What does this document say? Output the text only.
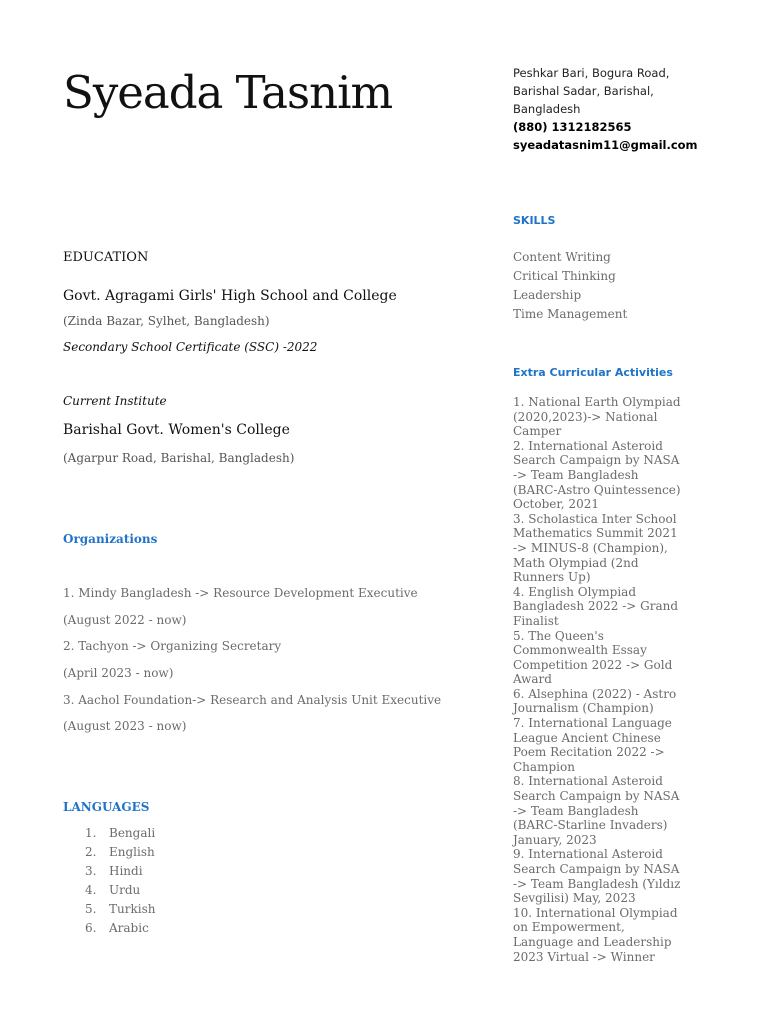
Syeada Tasnim	Peshkar Bari, Bogura Road,
Barishal Sadar, Barishal,
Bangladesh
(880) 1312182565
syeadatasnim11@gmail.com
EDUCATION
Govt. Agragami Girls' High School and College
(Zinda Bazar, Sylhet, Bangladesh)
Secondary School Certificate (SSC) -2022
Current Institute
Barishal Govt. Women's College
(Agarpur Road, Barishal, Bangladesh)
Organizations
1. Mindy Bangladesh -> Resource Development Executive
(August 2022 - now)
2. Tachyon -> Organizing Secretary
(April 2023 - now)
3. Aachol Foundation-> Research and Analysis Unit Executive
(August 2023 - now)
LANGUAGES
1. Bengali
2. English
3. Hindi
4. Urdu
5. Turkish
6. Arabic
SKILLS
Content Writing
Critical Thinking
Leadership
Time Management
Extra Curricular Activities
1. National Earth Olympiad (2020,2023)-> National Camper
2. International Asteroid Search Campaign by NASA -> Team Bangladesh (BARC-Astro Quintessence) October, 2021
3. Scholastica Inter School Mathematics Summit 2021 -> MINUS-8 (Champion), Math Olympiad (2nd Runners Up)
4. English Olympiad Bangladesh 2022 -> Grand Finalist
5. The Queen's Commonwealth Essay Competition 2022 -> Gold Award
6. Alsephina (2022) - Astro Journalism (Champion)
7. International Language League Ancient Chinese Poem Recitation 2022 -> Champion
8. International Asteroid Search Campaign by NASA -> Team Bangladesh (BARC-Starline Invaders) January, 2023
9. International Asteroid Search Campaign by NASA -> Team Bangladesh (Yıldız Sevgilisi) May, 2023
10. International Olympiad on Empowerment, Language and Leadership 2023 Virtual -> Winner
